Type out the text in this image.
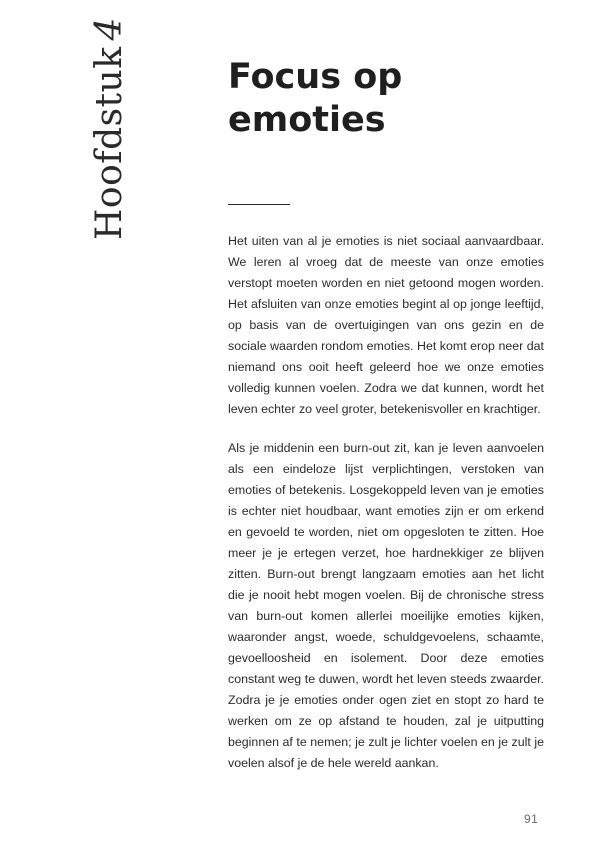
Hoofdstuk4
Focus op
emoties

Het uiten van al je emoties is niet sociaal aanvaardbaar. We leren al vroeg dat de meeste van onze emoties verstopt moeten worden en niet getoond mogen worden. Het afsluiten van onze emoties begint al op jonge leeftijd, op basis van de overtuigingen van ons gezin en de sociale waarden rondom emoties. Het komt erop neer dat niemand ons ooit heeft geleerd hoe we onze emoties volledig kunnen voelen. Zodra we dat kunnen, wordt het leven echter zo veel groter, betekenisvoller en krachtiger.

Als je middenin een burn-out zit, kan je leven aanvoelen als een eindeloze lijst verplichtingen, verstoken van emoties of betekenis. Losgekoppeld leven van je emoties is echter niet houdbaar, want emoties zijn er om erkend en gevoeld te worden, niet om opgesloten te zitten. Hoe meer je je ertegen verzet, hoe hardnekkiger ze blijven zitten. Burn-out brengt langzaam emoties aan het licht die je nooit hebt mogen voelen. Bij de chronische stress van burn-out komen allerlei moeilijke emoties kijken, waaronder angst, woede, schuldgevoelens, schaamte, gevoelloosheid en isolement. Door deze emoties constant weg te duwen, wordt het leven steeds zwaarder. Zodra je je emoties onder ogen ziet en stopt zo hard te werken om ze op afstand te houden, zal je uitputting beginnen af te nemen; je zult je lichter voelen en je zult je voelen alsof je de hele wereld aankan.

91
